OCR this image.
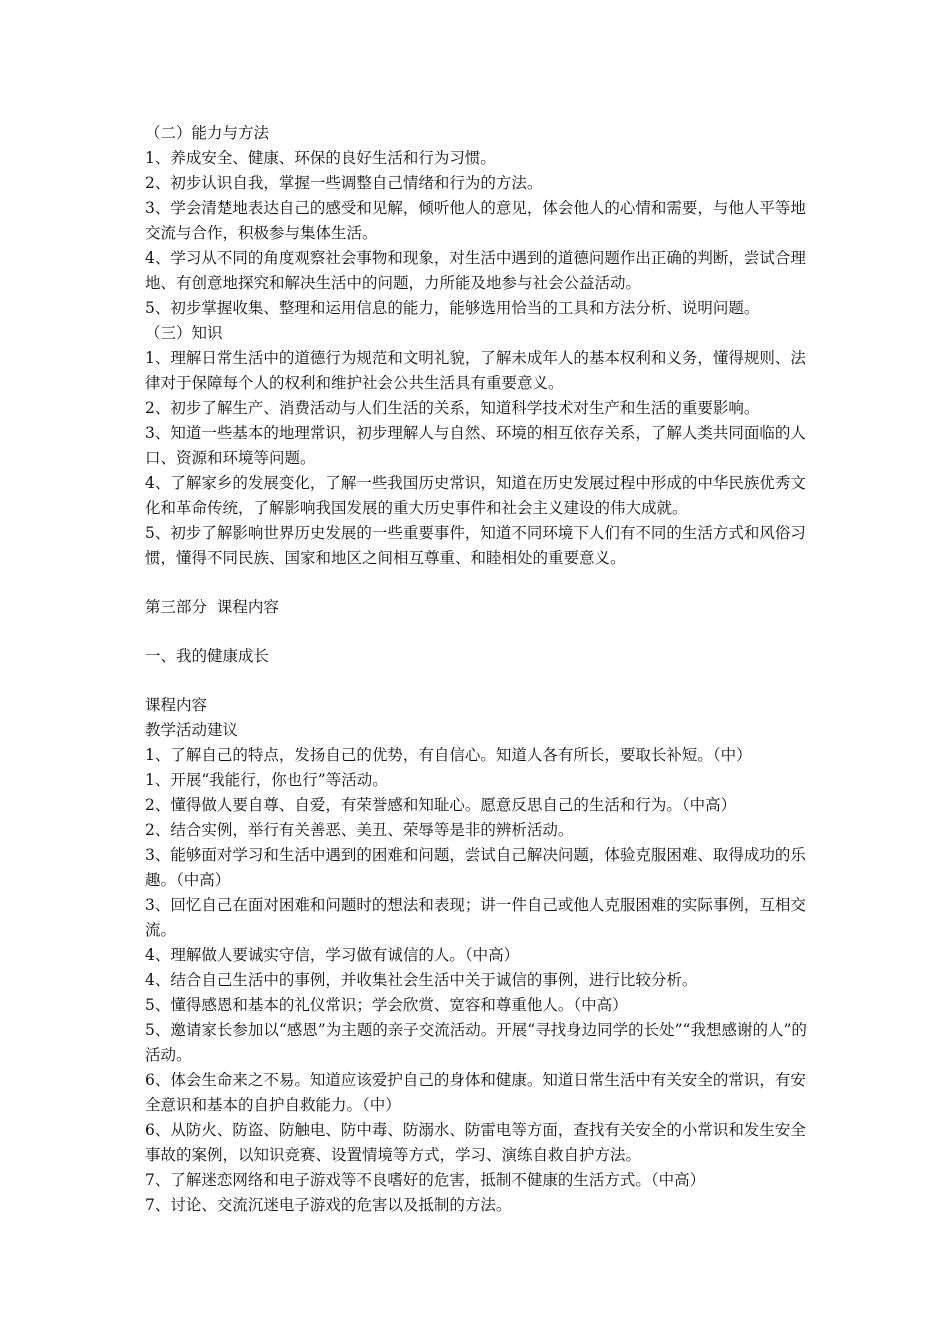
（二）能力与方法

1、养成安全、健康、环保的良好生活和行为习惯。

2、初步认识自我，掌握一些调整自己情绪和行为的方法。

3、学会清楚地表达自己的感受和见解，倾听他人的意见，体会他人的心情和需要，与他人平等地交流与合作，积极参与集体生活。

4、学习从不同的角度观察社会事物和现象，对生活中遇到的道德问题作出正确的判断，尝试合理地、有创意地探究和解决生活中的问题，力所能及地参与社会公益活动。

5、初步掌握收集、整理和运用信息的能力，能够选用恰当的工具和方法分析、说明问题。

（三）知识

1、理解日常生活中的道德行为规范和文明礼貌，了解未成年人的基本权利和义务，懂得规则、法律对于保障每个人的权利和维护社会公共生活具有重要意义。

2、初步了解生产、消费活动与人们生活的关系，知道科学技术对生产和生活的重要影响。

3、知道一些基本的地理常识，初步理解人与自然、环境的相互依存关系，了解人类共同面临的人口、资源和环境等问题。

4、了解家乡的发展变化，了解一些我国历史常识，知道在历史发展过程中形成的中华民族优秀文化和革命传统，了解影响我国发展的重大历史事件和社会主义建设的伟大成就。

5、初步了解影响世界历史发展的一些重要事件，知道不同环境下人们有不同的生活方式和风俗习惯，懂得不同民族、国家和地区之间相互尊重、和睦相处的重要意义。

第三部分  课程内容

一、我的健康成长

课程内容

教学活动建议

1、了解自己的特点，发扬自己的优势，有自信心。知道人各有所长，要取长补短。（中）

1、开展“我能行，你也行”等活动。

2、懂得做人要自尊、自爱，有荣誉感和知耻心。愿意反思自己的生活和行为。（中高）

2、结合实例，举行有关善恶、美丑、荣辱等是非的辨析活动。

3、能够面对学习和生活中遇到的困难和问题，尝试自己解决问题，体验克服困难、取得成功的乐趣。（中高）

3、回忆自己在面对困难和问题时的想法和表现；讲一件自己或他人克服困难的实际事例，互相交流。

4、理解做人要诚实守信，学习做有诚信的人。（中高）

4、结合自己生活中的事例，并收集社会生活中关于诚信的事例，进行比较分析。

5、懂得感恩和基本的礼仪常识；学会欣赏、宽容和尊重他人。（中高）

5、邀请家长参加以“感恩”为主题的亲子交流活动。开展“寻找身边同学的长处”“我想感谢的人”的活动。

6、体会生命来之不易。知道应该爱护自己的身体和健康。知道日常生活中有关安全的常识，有安全意识和基本的自护自救能力。（中）

6、从防火、防盗、防触电、防中毒、防溺水、防雷电等方面，查找有关安全的小常识和发生安全事故的案例，以知识竞赛、设置情境等方式，学习、演练自救自护方法。

7、了解迷恋网络和电子游戏等不良嗜好的危害，抵制不健康的生活方式。（中高）

7、讨论、交流沉迷电子游戏的危害以及抵制的方法。
